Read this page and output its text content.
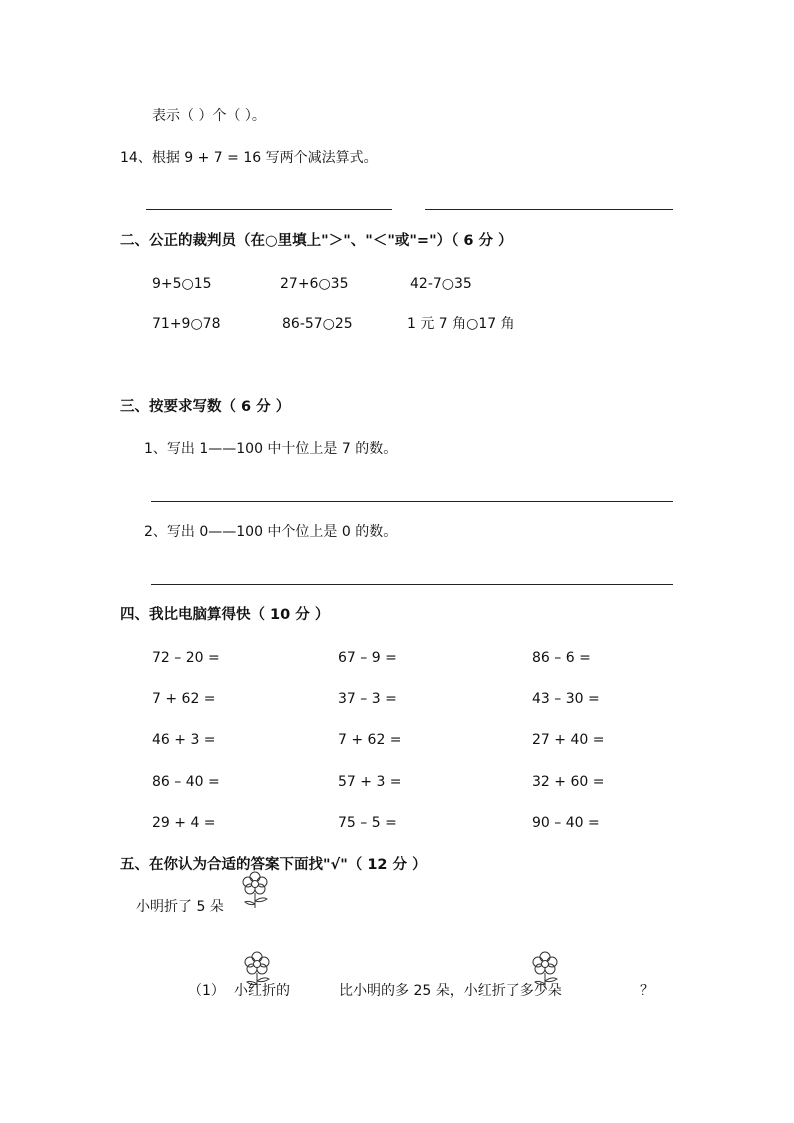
表示（ ）个（ ）。
14、根据 9 + 7 = 16 写两个减法算式。
二、公正的裁判员（在○里填上"＞"、"＜"或"="）（ 6 分 ）
9+5○15	27+6○35	42-7○35
71+9○78	86-57○25	1 元 7 角○17 角
三、按要求写数（ 6 分 ）
1、写出 1——100 中十位上是 7 的数。
2、写出 0——100 中个位上是 0 的数。
四、我比电脑算得快（ 10 分 ）
72 – 20 =	67 – 9 =	86 – 6 =
7 + 62 =	37 – 3 =	43 – 30 =
46 + 3 =	7 + 62 =	27 + 40 =
86 – 40 =	57 + 3 =	32 + 60 =
29 + 4 =	75 – 5 =	90 – 40 =
五、在你认为合适的答案下面找"√"（ 12 分 ）
小明折了 5 朵
（1） 小红折的	比小明的多 25 朵，小红折了多少朵	？
